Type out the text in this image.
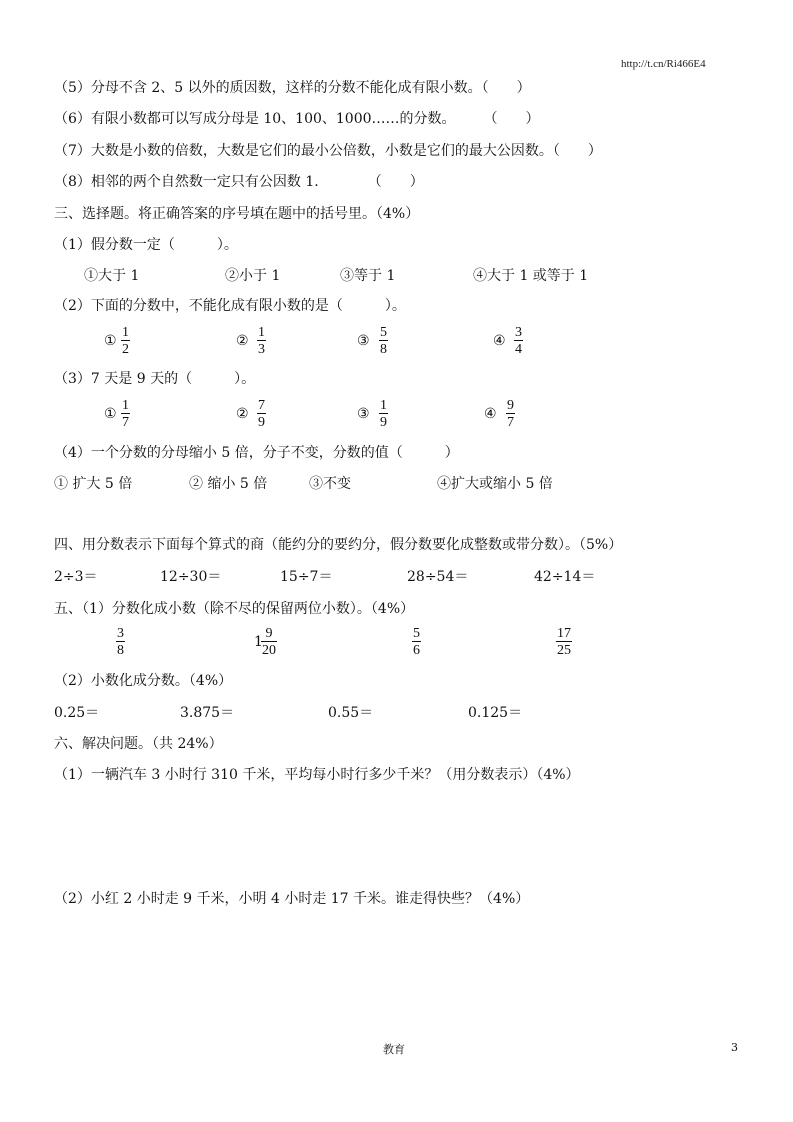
http://t.cn/Ri466E4
（5）分母不含 2、5 以外的质因数，这样的分数不能化成有限小数。（　　）
（6）有限小数都可以写成分母是 10、100、1000……的分数。　　　（　　）
（7）大数是小数的倍数，大数是它们的最小公倍数，小数是它们的最大公因数。（　　）
（8）相邻的两个自然数一定只有公因数 1.　　　　（　　）
三、选择题。将正确答案的序号填在题中的括号里。（4%）
（1）假分数一定（　　　）。
①大于 1	②小于 1	③等于 1	④大于 1 或等于 1
（2）下面的分数中，不能化成有限小数的是（　　　）。
① $\frac{1}{2}$	② $\frac{1}{3}$	③ $\frac{5}{8}$	④ $\frac{3}{4}$
（3）7 天是 9 天的（　　　）。
① $\frac{1}{7}$	② $\frac{7}{9}$	③ $\frac{1}{9}$	④ $\frac{9}{7}$
（4）一个分数的分母缩小 5 倍，分子不变，分数的值（　　　）
① 扩大 5 倍	② 缩小 5 倍	③不变	④扩大或缩小 5 倍
四、用分数表示下面每个算式的商（能约分的要约分，假分数要化成整数或带分数）。（5%）
2÷3＝	12÷30＝	15÷7＝	28÷54＝	42÷14＝
五、（1）分数化成小数（除不尽的保留两位小数）。（4%）
$\frac{3}{8}$	1
$\frac{9}{20}$	$\frac{5}{6}$	$\frac{17}{25}$
（2）小数化成分数。（4%）
0.25＝	3.875＝	0.55＝	0.125＝
六、解决问题。（共 24%）
（1）一辆汽车 3 小时行 310 千米，平均每小时行多少千米？（用分数表示）（4%）
（2）小红 2 小时走 9 千米，小明 4 小时走 17 千米。谁走得快些？（4%）
教育	3
